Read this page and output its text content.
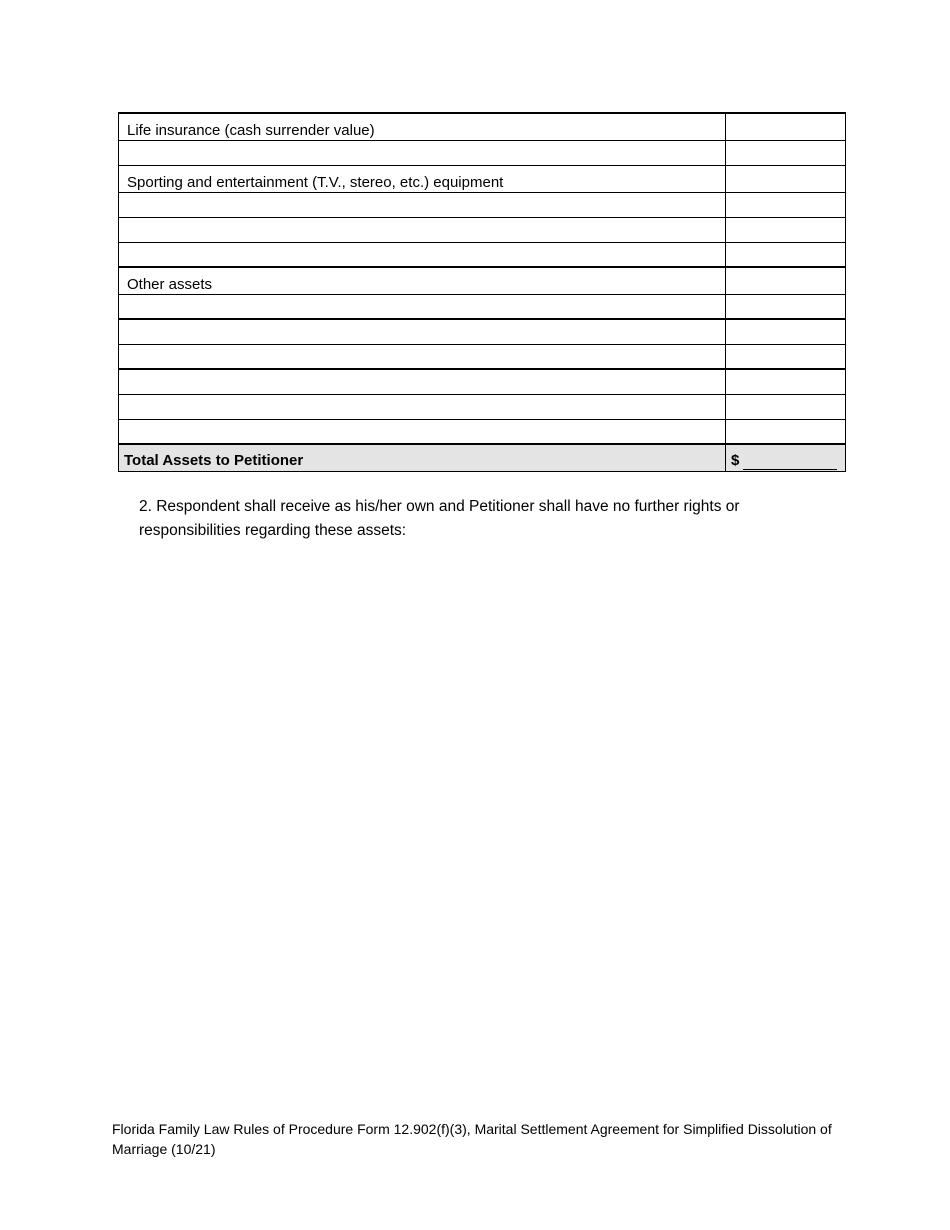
Life insurance (cash surrender value)	

Sporting and entertainment (T.V., stereo, etc.) equipment	

Other assets	

Total Assets to Petitioner	$
2. Respondent shall receive as his/her own and Petitioner shall have no further rights or responsibilities regarding these assets:
Florida Family Law Rules of Procedure Form 12.902(f)(3), Marital Settlement Agreement for Simplified Dissolution of Marriage (10/21)
